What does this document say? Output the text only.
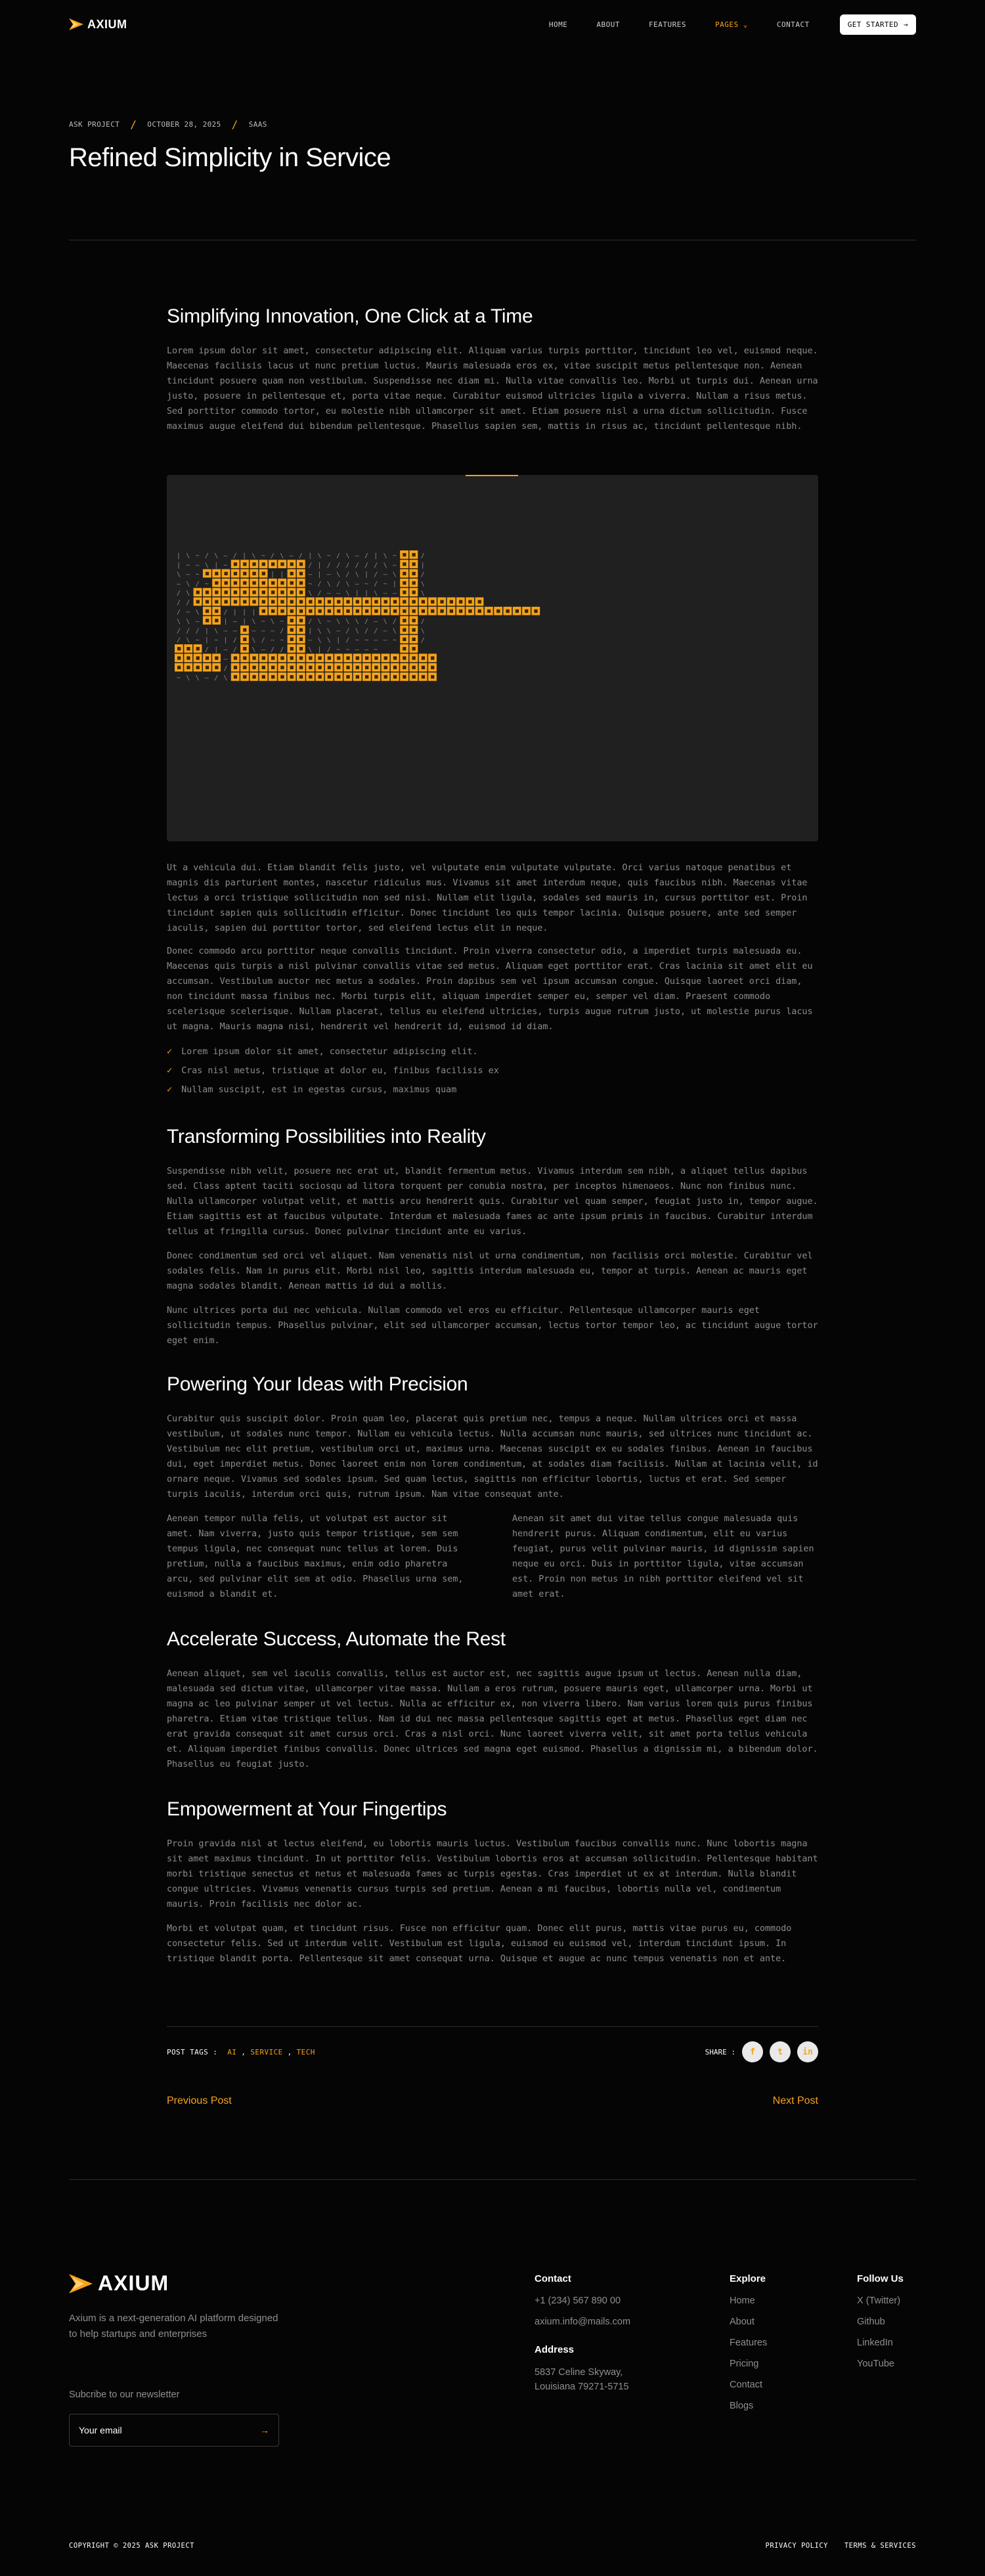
AXIUM	HOME	ABOUT	FEATURES	PAGES ⌄	CONTACT	GET STARTED →
ASK PROJECT / OCTOBER 28, 2025 / SAAS
Refined Simplicity in Service
Simplifying Innovation, One Click at a Time

Lorem ipsum dolor sit amet, consectetur adipiscing elit. Aliquam varius turpis porttitor, tincidunt leo vel, euismod neque. Maecenas facilisis lacus ut nunc pretium luctus. Mauris malesuada eros ex, vitae suscipit metus pellentesque non. Aenean tincidunt posuere quam non vestibulum. Suspendisse nec diam mi. Nulla vitae convallis leo. Morbi ut turpis dui. Aenean urna justo, posuere in pellentesque et, porta vitae neque. Curabitur euismod ultricies ligula a viverra. Nullam a risus metus. Sed porttitor commodo tortor, eu molestie nibh ullamcorper sit amet. Etiam posuere nisl a urna dictum sollicitudin. Fusce maximus augue eleifend dui bibendum pellentesque. Phasellus sapien sem, mattis in risus ac, tincidunt pellentesque nibh.

| \ ~ / \ — / | \ ~ / \ — / | \ ~ / \ — / | \ ~	/
| ~ — \ | ~	/ | / / / / / / \ —	|
\ — ~	| |	— | — \ / \ | / — \	/
— \ / ~	~ / \ / \ — ~ / ~ |	\
/ \	\ / — — \ | | \ — —	\
/ /
/ ~ \	/ | | |
\ \ —	| — | \ ~ \ ~	/ \ ~ \ \ \ / — \ /	/
/ / / | \ — — — — — /	| \ \ — / \ / / — \	\
/ \ ~ | ~ | / \ / — ~	— \ \ | / ~ ~ — — ~	/
/ | — / \ — / /	\ | / ~ ~ — — ~
—
/
~ \ \ — / \

Ut a vehicula dui. Etiam blandit felis justo, vel vulputate enim vulputate vulputate. Orci varius natoque penatibus et magnis dis parturient montes, nascetur ridiculus mus. Vivamus sit amet interdum neque, quis faucibus nibh. Maecenas vitae lectus a orci tristique sollicitudin non sed nisi. Nullam elit ligula, sodales sed mauris in, cursus porttitor est. Proin tincidunt sapien quis sollicitudin efficitur. Donec tincidunt leo quis tempor lacinia. Quisque posuere, ante sed semper iaculis, sapien dui porttitor tortor, sed eleifend lectus elit in neque.

Donec commodo arcu porttitor neque convallis tincidunt. Proin viverra consectetur odio, a imperdiet turpis malesuada eu. Maecenas quis turpis a nisl pulvinar convallis vitae sed metus. Aliquam eget porttitor erat. Cras lacinia sit amet elit eu accumsan. Vestibulum auctor nec metus a sodales. Proin dapibus sem vel ipsum accumsan congue. Quisque laoreet orci diam, non tincidunt massa finibus nec. Morbi turpis elit, aliquam imperdiet semper eu, semper vel diam. Praesent commodo scelerisque scelerisque. Nullam placerat, tellus eu eleifend ultricies, turpis augue rutrum justo, ut molestie purus lacus ut magna. Mauris magna nisi, hendrerit vel hendrerit id, euismod id diam.

✓ Lorem ipsum dolor sit amet, consectetur adipiscing elit.
✓ Cras nisl metus, tristique at dolor eu, finibus facilisis ex
✓ Nullam suscipit, est in egestas cursus, maximus quam
Transforming Possibilities into Reality

Suspendisse nibh velit, posuere nec erat ut, blandit fermentum metus. Vivamus interdum sem nibh, a aliquet tellus dapibus sed. Class aptent taciti sociosqu ad litora torquent per conubia nostra, per inceptos himenaeos. Nunc non finibus nunc. Nulla ullamcorper volutpat velit, et mattis arcu hendrerit quis. Curabitur vel quam semper, feugiat justo in, tempor augue. Etiam sagittis est at faucibus vulputate. Interdum et malesuada fames ac ante ipsum primis in faucibus. Curabitur interdum tellus at fringilla cursus. Donec pulvinar tincidunt ante eu varius.

Donec condimentum sed orci vel aliquet. Nam venenatis nisl ut urna condimentum, non facilisis orci molestie. Curabitur vel sodales felis. Nam in purus elit. Morbi nisl leo, sagittis interdum malesuada eu, tempor at turpis. Aenean ac mauris eget magna sodales blandit. Aenean mattis id dui a mollis.

Nunc ultrices porta dui nec vehicula. Nullam commodo vel eros eu efficitur. Pellentesque ullamcorper mauris eget sollicitudin tempus. Phasellus pulvinar, elit sed ullamcorper accumsan, lectus tortor tempor leo, ac tincidunt augue tortor eget enim.

Powering Your Ideas with Precision

Curabitur quis suscipit dolor. Proin quam leo, placerat quis pretium nec, tempus a neque. Nullam ultrices orci et massa vestibulum, ut sodales nunc tempor. Nullam eu vehicula lectus. Nulla accumsan nunc mauris, sed ultrices nunc tincidunt ac. Vestibulum nec elit pretium, vestibulum orci ut, maximus urna. Maecenas suscipit ex eu sodales finibus. Aenean in faucibus dui, eget imperdiet metus. Donec laoreet enim non lorem condimentum, at sodales diam facilisis. Nullam at lacinia velit, id ornare neque. Vivamus sed sodales ipsum. Sed quam lectus, sagittis non efficitur lobortis, luctus et erat. Sed semper turpis iaculis, interdum orci quis, rutrum ipsum. Nam vitae consequat ante.

Aenean tempor nulla felis, ut volutpat est auctor sit amet. Nam viverra, justo quis tempor tristique, sem sem tempus ligula, nec consequat nunc tellus at lorem. Duis pretium, nulla a faucibus maximus, enim odio pharetra arcu, sed pulvinar elit sem at odio. Phasellus urna sem, euismod a blandit et.

Aenean sit amet dui vitae tellus congue malesuada quis hendrerit purus. Aliquam condimentum, elit eu varius feugiat, purus velit pulvinar mauris, id dignissim sapien neque eu orci. Duis in porttitor ligula, vitae accumsan est. Proin non metus in nibh porttitor eleifend vel sit amet erat.

Accelerate Success, Automate the Rest

Aenean aliquet, sem vel iaculis convallis, tellus est auctor est, nec sagittis augue ipsum ut lectus. Aenean nulla diam, malesuada sed dictum vitae, ullamcorper vitae massa. Nullam a eros rutrum, posuere mauris eget, ullamcorper urna. Morbi ut magna ac leo pulvinar semper ut vel lectus. Nulla ac efficitur ex, non viverra libero. Nam varius lorem quis purus finibus pharetra. Etiam vitae tristique tellus. Nam id dui nec massa pellentesque sagittis eget at metus. Phasellus eget diam nec erat gravida consequat sit amet cursus orci. Cras a nisl orci. Nunc laoreet viverra velit, sit amet porta tellus vehicula et. Aliquam imperdiet finibus convallis. Donec ultrices sed magna eget euismod. Phasellus a dignissim mi, a bibendum dolor. Phasellus eu feugiat justo.

Empowerment at Your Fingertips

Proin gravida nisl at lectus eleifend, eu lobortis mauris luctus. Vestibulum faucibus convallis nunc. Nunc lobortis magna sit amet maximus tincidunt. In ut porttitor felis. Vestibulum lobortis eros at accumsan sollicitudin. Pellentesque habitant morbi tristique senectus et netus et malesuada fames ac turpis egestas. Cras imperdiet ut ex at interdum. Nulla blandit congue ultricies. Vivamus venenatis cursus turpis sed pretium. Aenean a mi faucibus, lobortis nulla vel, condimentum mauris. Proin facilisis nec dolor ac.

Morbi et volutpat quam, et tincidunt risus. Fusce non efficitur quam. Donec elit purus, mattis vitae purus eu, commodo consectetur felis. Sed ut interdum velit. Vestibulum est ligula, euismod eu euismod vel, interdum tincidunt ipsum. In tristique blandit porta. Pellentesque sit amet consequat urna. Quisque et augue ac nunc tempus venenatis non et ante.

POST TAGS : AI , SERVICE , TECH	SHARE :	f	t	in
Previous Post	Next Post
AXIUM
Axium is a next-generation AI platform designed to help startups and enterprises
Subcribe to our newsletter
Your email	→
Contact
+1 (234) 567 890 00
axium.info@mails.com
Address
5837 Celine Skyway, Louisiana 79271-5715
Explore
Home
About
Features
Pricing
Contact
Blogs
Follow Us
X (Twitter)
Github
LinkedIn
YouTube
COPYRIGHT © 2025 ASK PROJECT	PRIVACY POLICY TERMS & SERVICES
